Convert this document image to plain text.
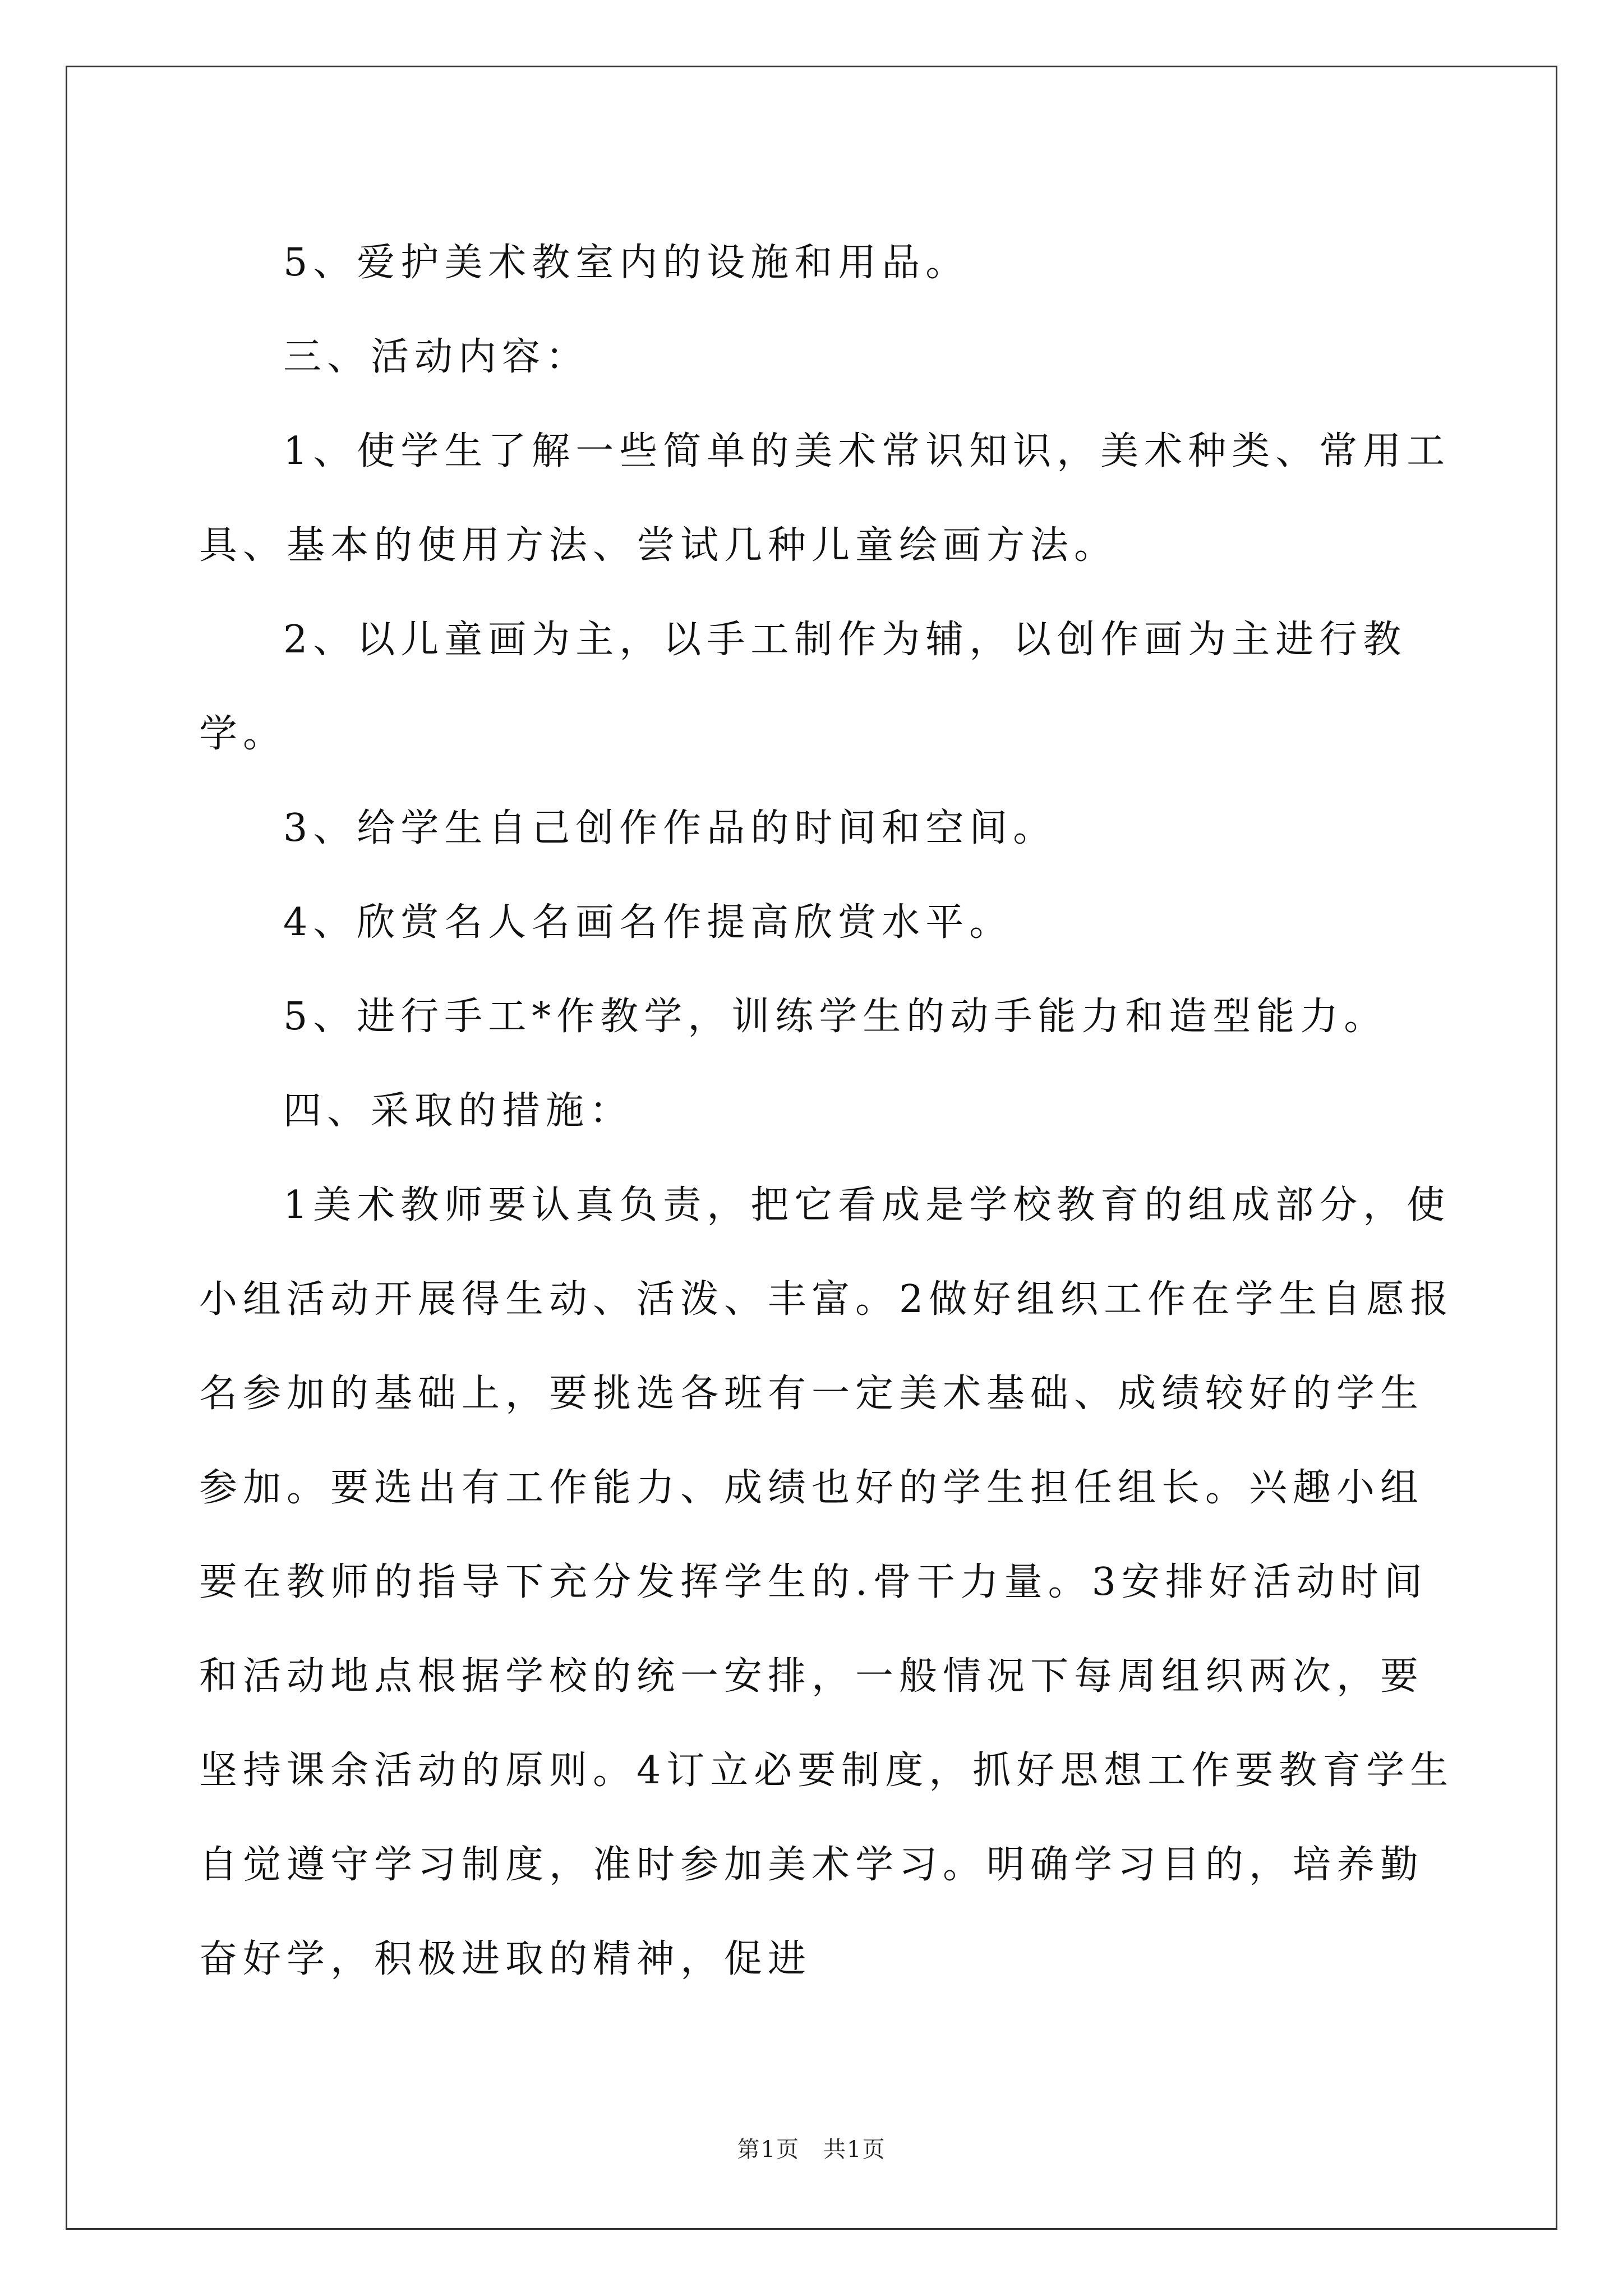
5、爱护美术教室内的设施和用品。

三、活动内容：

1、使学生了解一些简单的美术常识知识，美术种类、常用工具、基本的使用方法、尝试几种儿童绘画方法。

2、以儿童画为主，以手工制作为辅，以创作画为主进行教学。

3、给学生自己创作作品的时间和空间。

4、欣赏名人名画名作提高欣赏水平。

5、进行手工*作教学，训练学生的动手能力和造型能力。

四、采取的措施：

1美术教师要认真负责，把它看成是学校教育的组成部分，使小组活动开展得生动、活泼、丰富。2做好组织工作在学生自愿报名参加的基础上，要挑选各班有一定美术基础、成绩较好的学生参加。要选出有工作能力、成绩也好的学生担任组长。兴趣小组要在教师的指导下充分发挥学生的.骨干力量。3安排好活动时间和活动地点根据学校的统一安排，一般情况下每周组织两次，要坚持课余活动的原则。4订立必要制度，抓好思想工作要教育学生自觉遵守学习制度，准时参加美术学习。明确学习目的，培养勤奋好学，积极进取的精神，促进

第1页　共1页
